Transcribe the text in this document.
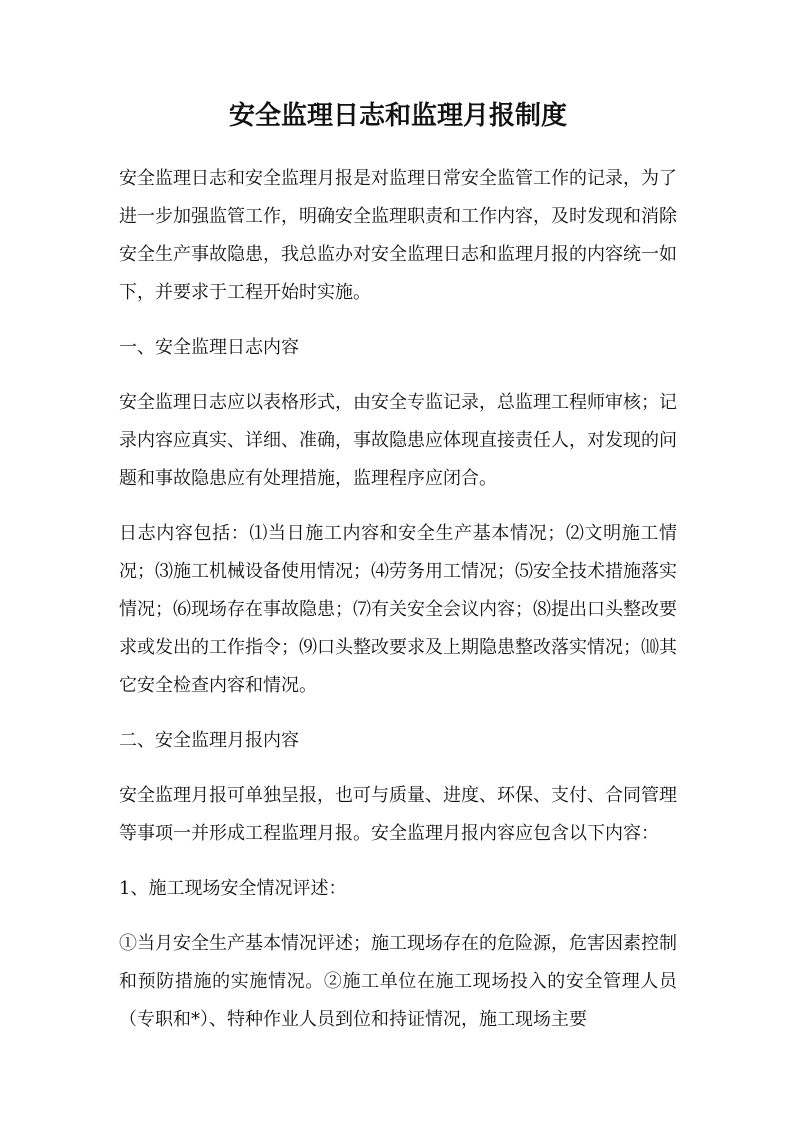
安全监理日志和监理月报制度

安全监理日志和安全监理月报是对监理日常安全监管工作的记录，为了进一步加强监管工作，明确安全监理职责和工作内容，及时发现和消除安全生产事故隐患，我总监办对安全监理日志和监理月报的内容统一如下，并要求于工程开始时实施。

一、安全监理日志内容

安全监理日志应以表格形式，由安全专监记录，总监理工程师审核；记录内容应真实、详细、准确，事故隐患应体现直接责任人，对发现的问题和事故隐患应有处理措施，监理程序应闭合。

日志内容包括：⑴当日施工内容和安全生产基本情况；⑵文明施工情况；⑶施工机械设备使用情况；⑷劳务用工情况；⑸安全技术措施落实情况；⑹现场存在事故隐患；⑺有关安全会议内容；⑻提出口头整改要求或发出的工作指令；⑼口头整改要求及上期隐患整改落实情况；⑽其它安全检查内容和情况。

二、安全监理月报内容

安全监理月报可单独呈报，也可与质量、进度、环保、支付、合同管理等事项一并形成工程监理月报。安全监理月报内容应包含以下内容：

1、施工现场安全情况评述：

①当月安全生产基本情况评述；施工现场存在的危险源，危害因素控制和预防措施的实施情况。②施工单位在施工现场投入的安全管理人员（专职和*）、特种作业人员到位和持证情况，施工现场主要
